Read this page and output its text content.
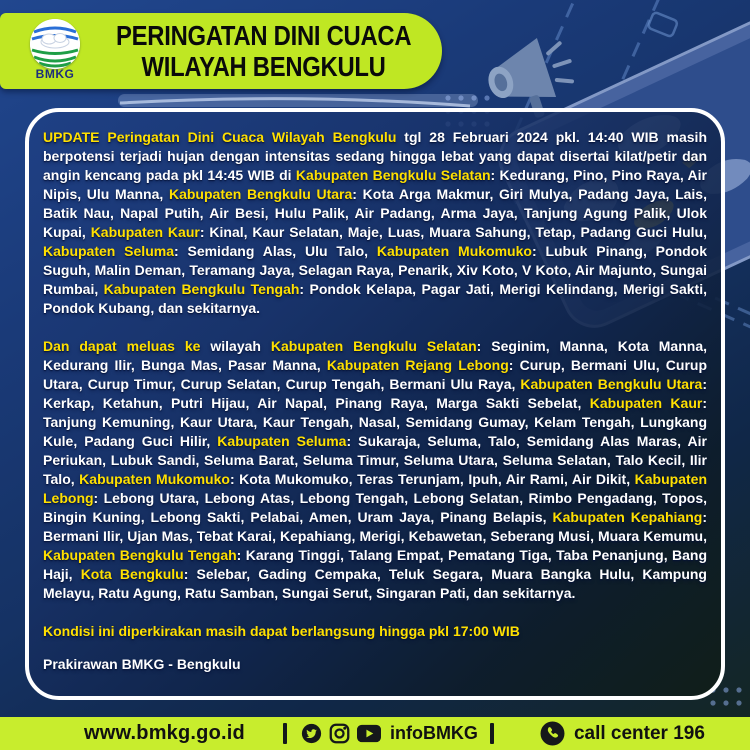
BMKG
PERINGATAN DINI CUACA
WILAYAH BENGKULU

UPDATE Peringatan Dini Cuaca Wilayah Bengkulu tgl 28 Februari 2024 pkl. 14:40 WIB masih berpotensi terjadi hujan dengan intensitas sedang hingga lebat yang dapat disertai kilat/petir dan angin kencang pada pkl 14:45 WIB di Kabupaten Bengkulu Selatan: Kedurang, Pino, Pino Raya, Air Nipis, Ulu Manna, Kabupaten Bengkulu Utara: Kota Arga Makmur, Giri Mulya, Padang Jaya, Lais, Batik Nau, Napal Putih, Air Besi, Hulu Palik, Air Padang, Arma Jaya, Tanjung Agung Palik, Ulok Kupai, Kabupaten Kaur: Kinal, Kaur Selatan, Maje, Luas, Muara Sahung, Tetap, Padang Guci Hulu, Kabupaten Seluma: Semidang Alas, Ulu Talo, Kabupaten Mukomuko: Lubuk Pinang, Pondok Suguh, Malin Deman, Teramang Jaya, Selagan Raya, Penarik, Xiv Koto, V Koto, Air Majunto, Sungai Rumbai, Kabupaten Bengkulu Tengah: Pondok Kelapa, Pagar Jati, Merigi Kelindang, Merigi Sakti, Pondok Kubang, dan sekitarnya.

Dan dapat meluas ke wilayah Kabupaten Bengkulu Selatan: Seginim, Manna, Kota Manna, Kedurang Ilir, Bunga Mas, Pasar Manna, Kabupaten Rejang Lebong: Curup, Bermani Ulu, Curup Utara, Curup Timur, Curup Selatan, Curup Tengah, Bermani Ulu Raya, Kabupaten Bengkulu Utara: Kerkap, Ketahun, Putri Hijau, Air Napal, Pinang Raya, Marga Sakti Sebelat, Kabupaten Kaur: Tanjung Kemuning, Kaur Utara, Kaur Tengah, Nasal, Semidang Gumay, Kelam Tengah, Lungkang Kule, Padang Guci Hilir, Kabupaten Seluma: Sukaraja, Seluma, Talo, Semidang Alas Maras, Air Periukan, Lubuk Sandi, Seluma Barat, Seluma Timur, Seluma Utara, Seluma Selatan, Talo Kecil, Ilir Talo, Kabupaten Mukomuko: Kota Mukomuko, Teras Terunjam, Ipuh, Air Rami, Air Dikit, Kabupaten Lebong: Lebong Utara, Lebong Atas, Lebong Tengah, Lebong Selatan, Rimbo Pengadang, Topos, Bingin Kuning, Lebong Sakti, Pelabai, Amen, Uram Jaya, Pinang Belapis, Kabupaten Kepahiang: Bermani Ilir, Ujan Mas, Tebat Karai, Kepahiang, Merigi, Kebawetan, Seberang Musi, Muara Kemumu, Kabupaten Bengkulu Tengah: Karang Tinggi, Talang Empat, Pematang Tiga, Taba Penanjung, Bang Haji, Kota Bengkulu: Selebar, Gading Cempaka, Teluk Segara, Muara Bangka Hulu, Kampung Melayu, Ratu Agung, Ratu Samban, Sungai Serut, Singaran Pati, dan sekitarnya.

Kondisi ini diperkirakan masih dapat berlangsung hingga pkl 17:00 WIB

Prakirawan BMKG - Bengkulu

www.bmkg.go.id	infoBMKG	call center 196
